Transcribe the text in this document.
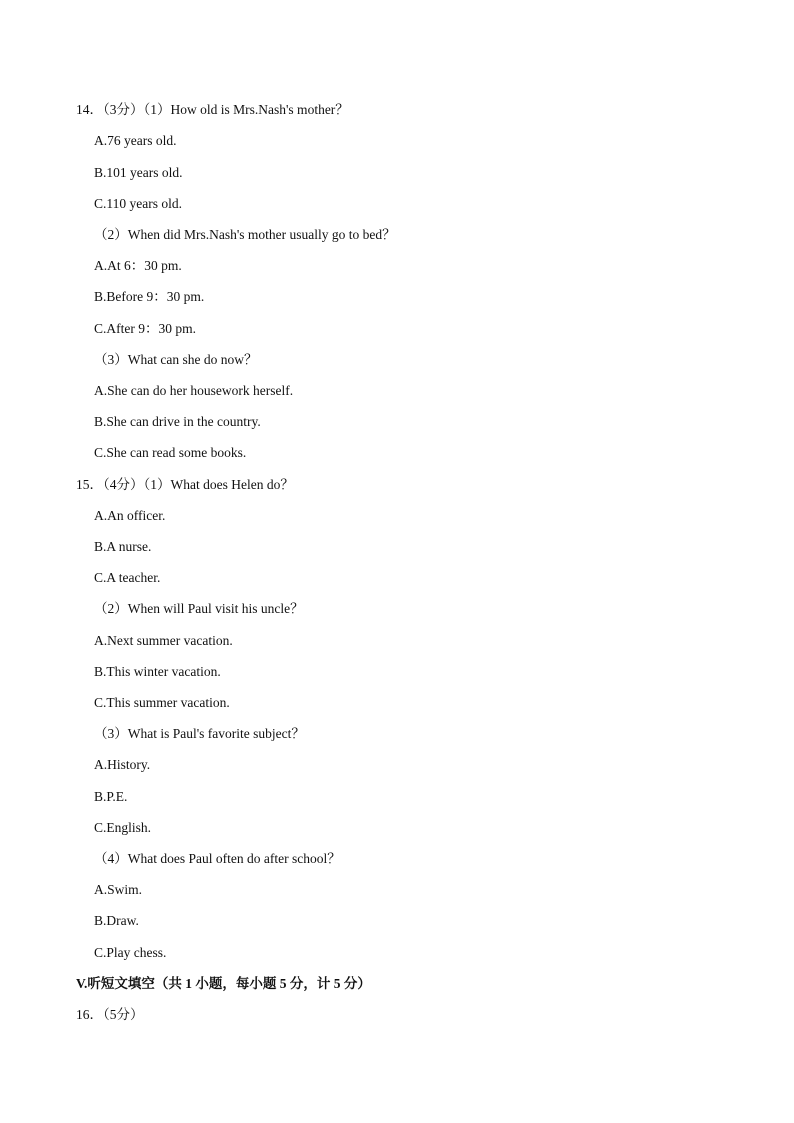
14．（3分）（1）How old is Mrs.Nash's mother？
A.76 years old.
B.101 years old.
C.110 years old.
（2）When did Mrs.Nash's mother usually go to bed？
A.At 6：30 pm.
B.Before 9：30 pm.
C.After 9：30 pm.
（3）What can she do now？
A.She can do her housework herself.
B.She can drive in the country.
C.She can read some books.
15．（4分）（1）What does Helen do？
A.An officer.
B.A nurse.
C.A teacher.
（2）When will Paul visit his uncle？
A.Next summer vacation.
B.This winter vacation.
C.This summer vacation.
（3）What is Paul's favorite subject？
A.History.
B.P.E.
C.English.
（4）What does Paul often do after school？
A.Swim.
B.Draw.
C.Play chess.
V.听短文填空（共 1 小题，每小题 5 分，计 5 分）
16．（5分）
